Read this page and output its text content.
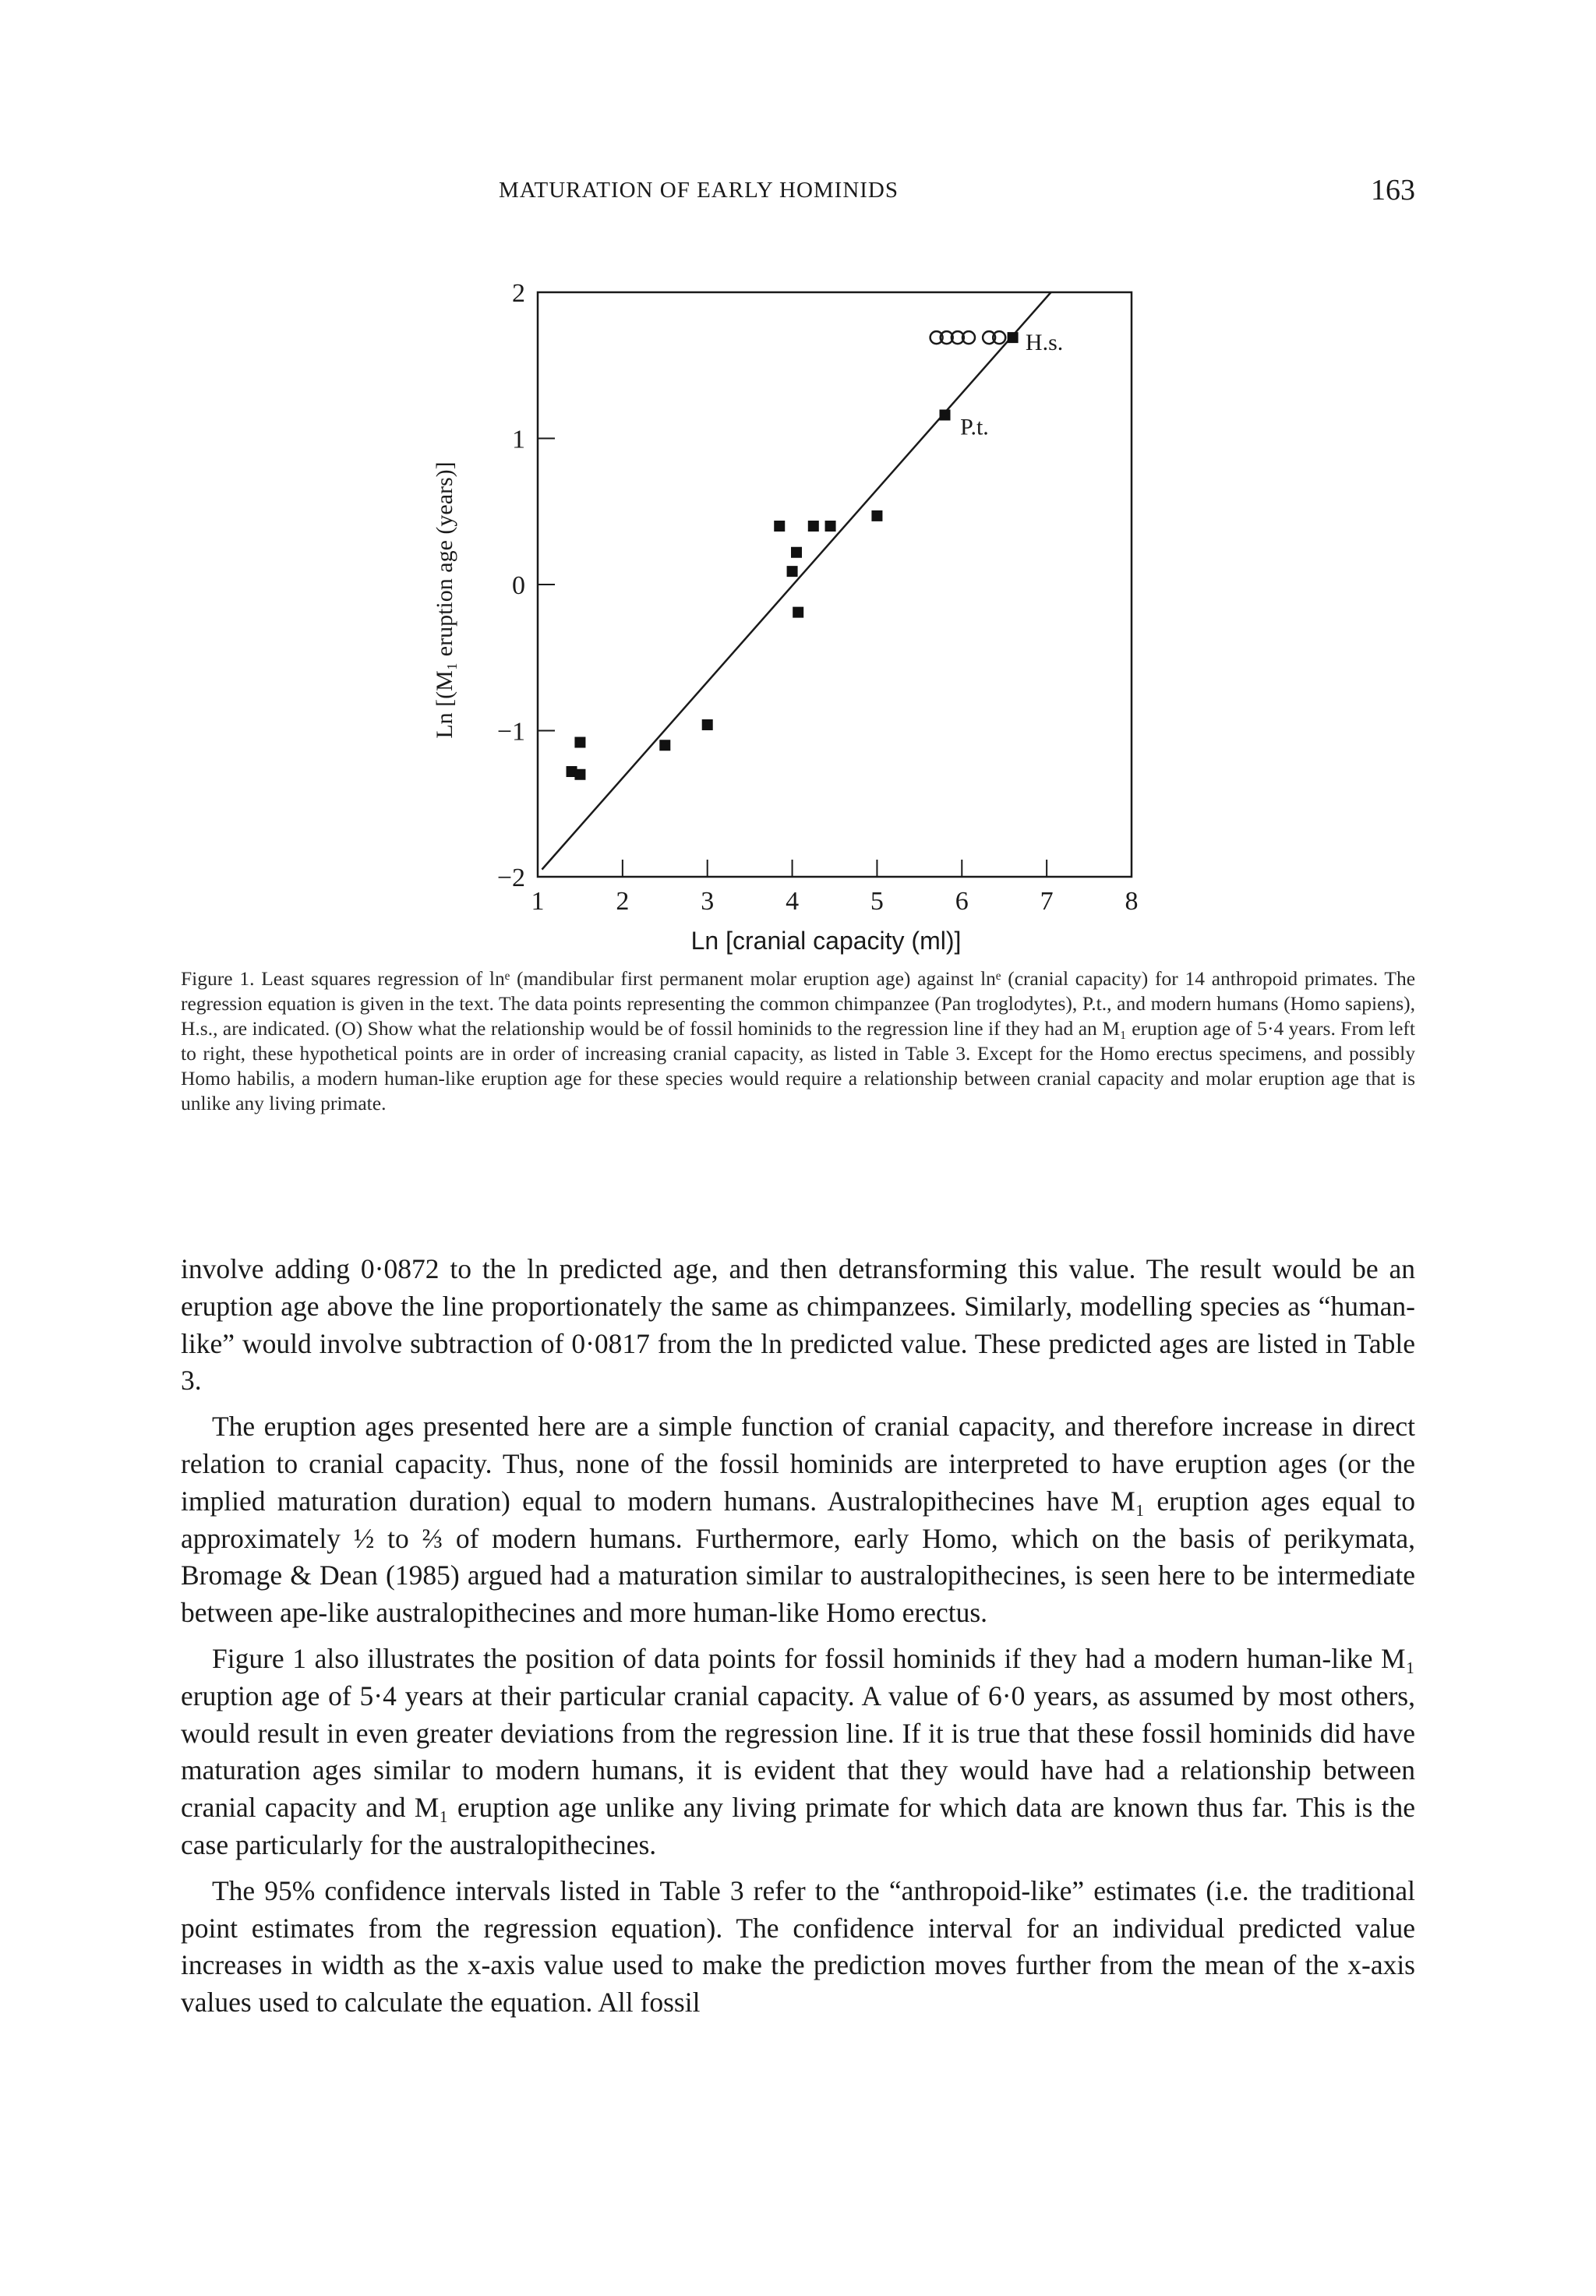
MATURATION OF EARLY HOMINIDS	163
1	2	3	4	5	6	7	8
2
1
0
−1
−2
P.t.
H.s.
Ln [cranial capacity (ml)]
Ln [(M₁ eruption age (years)]

Figure 1. Least squares regression of lnᵉ (mandibular first permanent molar eruption age) against lnᵉ (cranial capacity) for 14 anthropoid primates. The regression equation is given in the text. The data points representing the common chimpanzee (Pan troglodytes), P.t., and modern humans (Homo sapiens), H.s., are indicated. (O) Show what the relationship would be of fossil hominids to the regression line if they had an M₁ eruption age of 5·4 years. From left to right, these hypothetical points are in order of increasing cranial capacity, as listed in Table 3. Except for the Homo erectus specimens, and possibly Homo habilis, a modern human-like eruption age for these species would require a relationship between cranial capacity and molar eruption age that is unlike any living primate.

involve adding 0·0872 to the ln predicted age, and then detransforming this value. The result would be an eruption age above the line proportionately the same as chimpanzees. Similarly, modelling species as “human-like” would involve subtraction of 0·0817 from the ln predicted value. These predicted ages are listed in Table 3.

The eruption ages presented here are a simple function of cranial capacity, and therefore increase in direct relation to cranial capacity. Thus, none of the fossil hominids are interpreted to have eruption ages (or the implied maturation duration) equal to modern humans. Australopithecines have M₁ eruption ages equal to approximately ½ to ⅔ of modern humans. Furthermore, early Homo, which on the basis of perikymata, Bromage & Dean (1985) argued had a maturation similar to australopithecines, is seen here to be intermediate between ape-like australopithecines and more human-like Homo erectus.

Figure 1 also illustrates the position of data points for fossil hominids if they had a modern human-like M₁ eruption age of 5·4 years at their particular cranial capacity. A value of 6·0 years, as assumed by most others, would result in even greater deviations from the regression line. If it is true that these fossil hominids did have maturation ages similar to modern humans, it is evident that they would have had a relationship between cranial capacity and M₁ eruption age unlike any living primate for which data are known thus far. This is the case particularly for the australopithecines.

The 95% confidence intervals listed in Table 3 refer to the “anthropoid-like” estimates (i.e. the traditional point estimates from the regression equation). The confidence interval for an individual predicted value increases in width as the x-axis value used to make the prediction moves further from the mean of the x-axis values used to calculate the equation. All fossil
